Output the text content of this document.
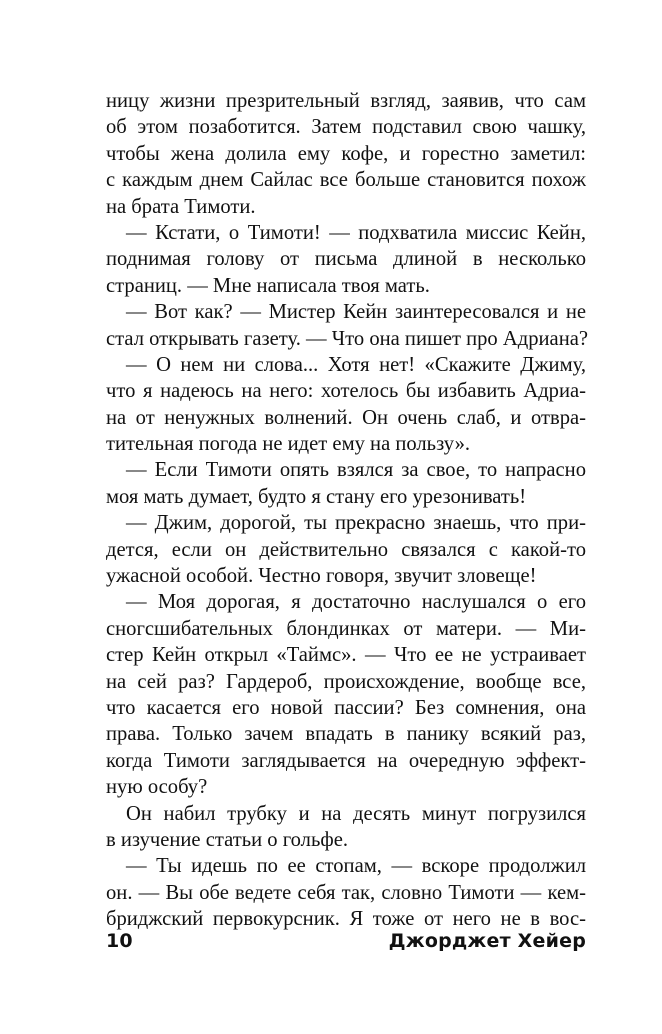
ницу жизни презрительный взгляд, заявив, что сам
об этом позаботится. Затем подставил свою чашку,
чтобы жена долила ему кофе, и горестно заметил:
с каждым днем Сайлас все больше становится похож
на брата Тимоти.
— Кстати, о Тимоти! — подхватила миссис Кейн,
поднимая голову от письма длиной в несколько
страниц. — Мне написала твоя мать.
— Вот как? — Мистер Кейн заинтересовался и не
стал открывать газету. — Что она пишет про Адриана?
— О нем ни слова... Хотя нет! «Скажите Джиму,
что я надеюсь на него: хотелось бы избавить Адриа-
на от ненужных волнений. Он очень слаб, и отвра-
тительная погода не идет ему на пользу».
— Если Тимоти опять взялся за свое, то напрасно
моя мать думает, будто я стану его урезонивать!
— Джим, дорогой, ты прекрасно знаешь, что при-
дется, если он действительно связался с какой-то
ужасной особой. Честно говоря, звучит зловеще!
— Моя дорогая, я достаточно наслушался о его
сногсшибательных блондинках от матери. — Ми-
стер Кейн открыл «Таймс». — Что ее не устраивает
на сей раз? Гардероб, происхождение, вообще все,
что касается его новой пассии? Без сомнения, она
права. Только зачем впадать в панику всякий раз,
когда Тимоти заглядывается на очередную эффект-
ную особу?
Он набил трубку и на десять минут погрузился
в изучение статьи о гольфе.
— Ты идешь по ее стопам, — вскоре продолжил
он. — Вы обе ведете себя так, словно Тимоти — кем-
бриджский первокурсник. Я тоже от него не в вос-
10	Джорджет Хейер
